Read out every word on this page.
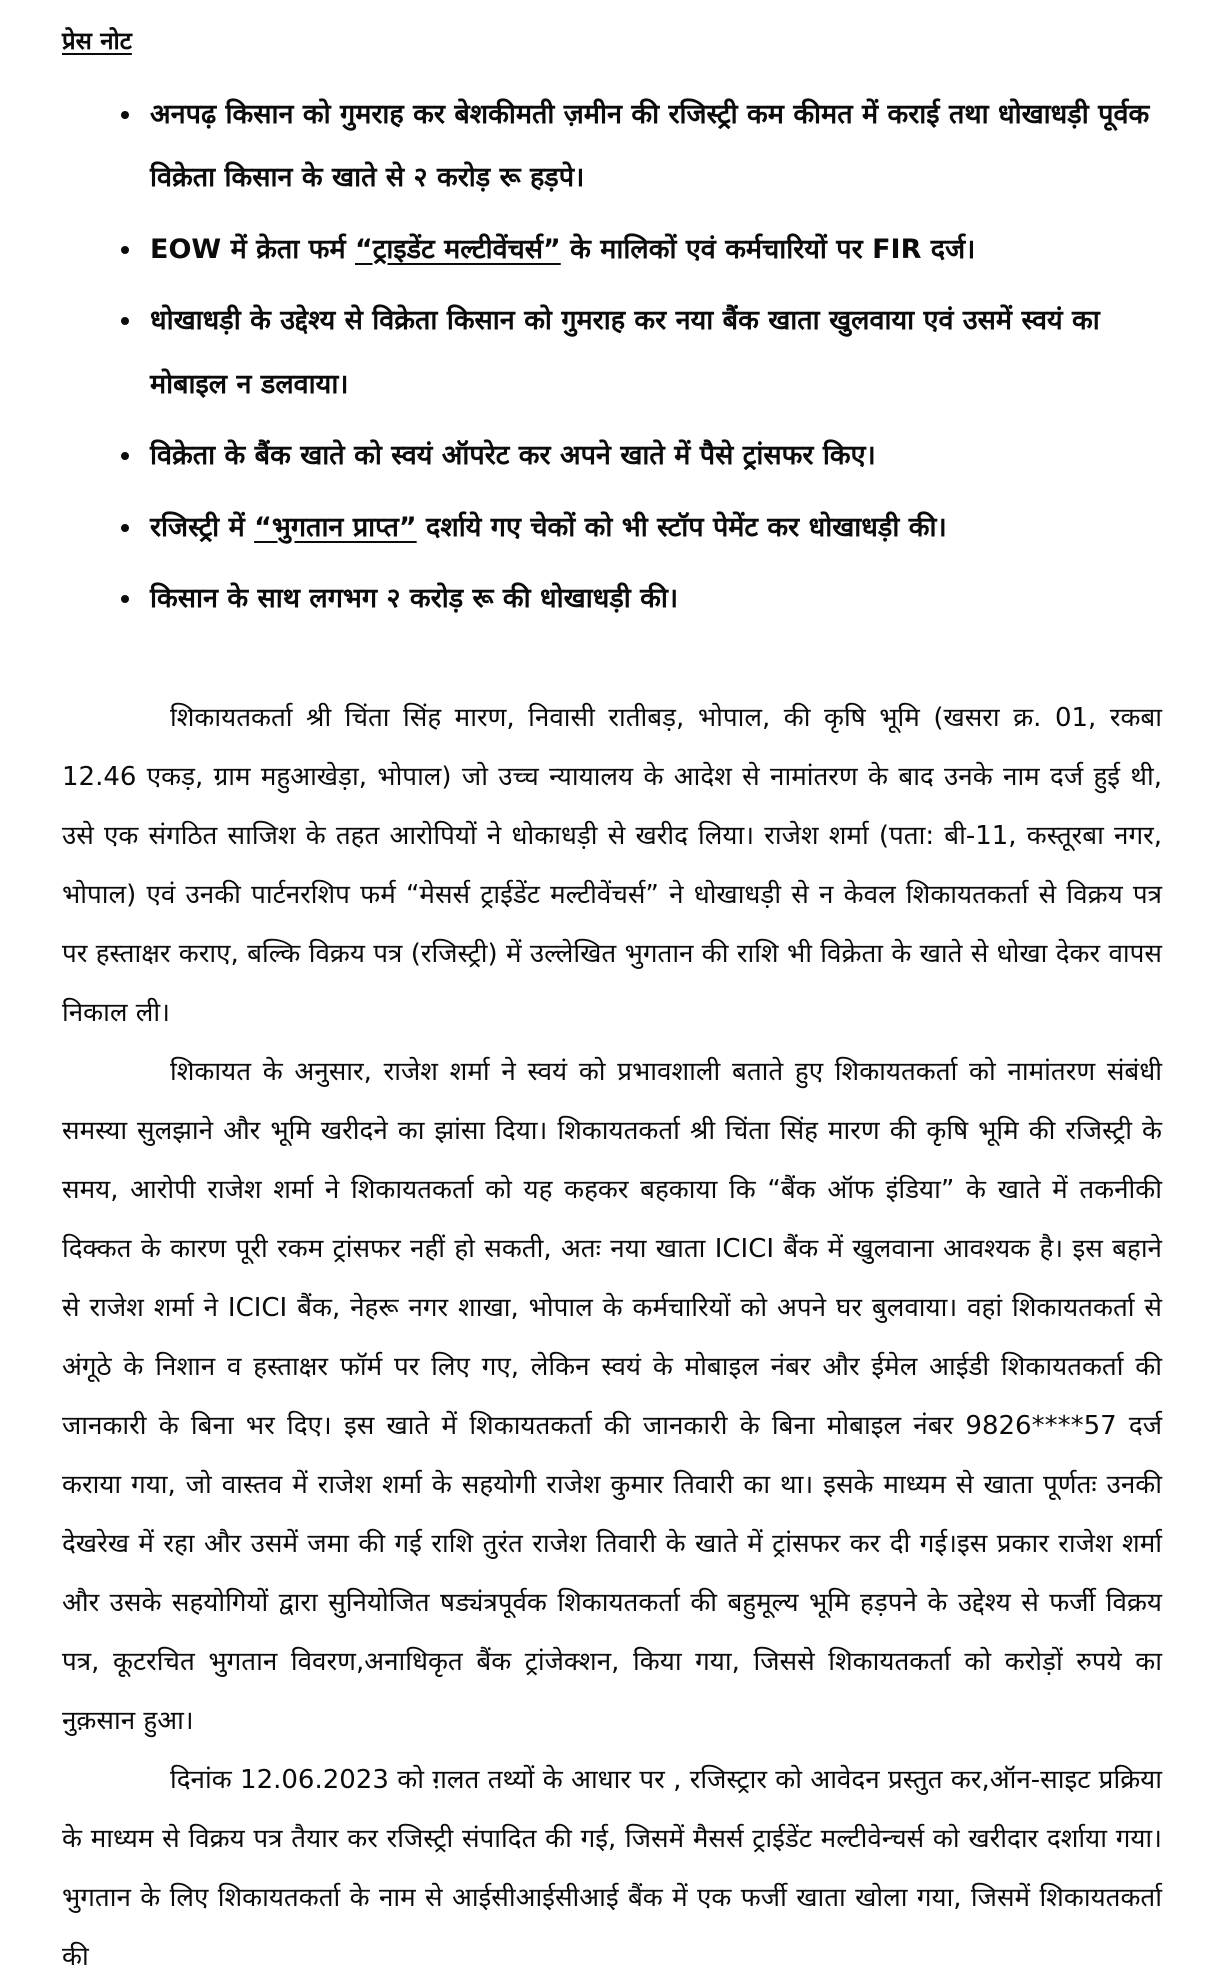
प्रेस नोट
• अनपढ़ किसान को गुमराह कर बेशकीमती ज़मीन की रजिस्ट्री कम कीमत में कराई तथा धोखाधड़ी पूर्वक विक्रेता किसान के खाते से २ करोड़ रू हड़पे।
• EOW में क्रेता फर्म “ट्राइडेंट मल्टीवेंचर्स” के मालिकों एवं कर्मचारियों पर FIR दर्ज।
• धोखाधड़ी के उद्देश्य से विक्रेता किसान को गुमराह कर नया बैंक खाता खुलवाया एवं उसमें स्वयं का मोबाइल न डलवाया।
• विक्रेता के बैंक खाते को स्वयं ऑपरेट कर अपने खाते में पैसे ट्रांसफर किए।
• रजिस्ट्री में “भुगतान प्राप्त” दर्शाये गए चेकों को भी स्टॉप पेमेंट कर धोखाधड़ी की।
• किसान के साथ लगभग २ करोड़ रू की धोखाधड़ी की।

शिकायतकर्ता श्री चिंता सिंह मारण, निवासी रातीबड़, भोपाल, की कृषि भूमि (खसरा क्र. 01, रकबा 12.46 एकड़, ग्राम महुआखेड़ा, भोपाल) जो उच्च न्यायालय के आदेश से नामांतरण के बाद उनके नाम दर्ज हुई थी, उसे एक संगठित साजिश के तहत आरोपियों ने धोकाधड़ी से खरीद लिया। राजेश शर्मा (पता: बी-11, कस्तूरबा नगर, भोपाल) एवं उनकी पार्टनरशिप फर्म “मेसर्स ट्राईडेंट मल्टीवेंचर्स” ने धोखाधड़ी से न केवल शिकायतकर्ता से विक्रय पत्र पर हस्ताक्षर कराए, बल्कि विक्रय पत्र (रजिस्ट्री) में उल्लेखित भुगतान की राशि भी विक्रेता के खाते से धोखा देकर वापस निकाल ली।

शिकायत के अनुसार, राजेश शर्मा ने स्वयं को प्रभावशाली बताते हुए शिकायतकर्ता को नामांतरण संबंधी समस्या सुलझाने और भूमि खरीदने का झांसा दिया। शिकायतकर्ता श्री चिंता सिंह मारण की कृषि भूमि की रजिस्ट्री के समय, आरोपी राजेश शर्मा ने शिकायतकर्ता को यह कहकर बहकाया कि “बैंक ऑफ इंडिया” के खाते में तकनीकी दिक्कत के कारण पूरी रकम ट्रांसफर नहीं हो सकती, अतः नया खाता ICICI बैंक में खुलवाना आवश्यक है। इस बहाने से राजेश शर्मा ने ICICI बैंक, नेहरू नगर शाखा, भोपाल के कर्मचारियों को अपने घर बुलवाया। वहां शिकायतकर्ता से अंगूठे के निशान व हस्ताक्षर फॉर्म पर लिए गए, लेकिन स्वयं के मोबाइल नंबर और ईमेल आईडी शिकायतकर्ता की जानकारी के बिना भर दिए। इस खाते में शिकायतकर्ता की जानकारी के बिना मोबाइल नंबर 9826****57 दर्ज कराया गया, जो वास्तव में राजेश शर्मा के सहयोगी राजेश कुमार तिवारी का था। इसके माध्यम से खाता पूर्णतः उनकी देखरेख में रहा और उसमें जमा की गई राशि तुरंत राजेश तिवारी के खाते में ट्रांसफर कर दी गई।इस प्रकार राजेश शर्मा और उसके सहयोगियों द्वारा सुनियोजित षड्यंत्रपूर्वक शिकायतकर्ता की बहुमूल्य भूमि हड़पने के उद्देश्य से फर्जी विक्रय पत्र, कूटरचित भुगतान विवरण,अनाधिकृत बैंक ट्रांजेक्शन, किया गया, जिससे शिकायतकर्ता को करोड़ों रुपये का नुक़सान हुआ।

दिनांक 12.06.2023 को ग़लत तथ्यों के आधार पर , रजिस्ट्रार को आवेदन प्रस्तुत कर,ऑन-साइट प्रक्रिया के माध्यम से विक्रय पत्र तैयार कर रजिस्ट्री संपादित की गई, जिसमें मैसर्स ट्राईडेंट मल्टीवेन्चर्स को खरीदार दर्शाया गया। भुगतान के लिए शिकायतकर्ता के नाम से आईसीआईसीआई बैंक में एक फर्जी खाता खोला गया, जिसमें शिकायतकर्ता की
